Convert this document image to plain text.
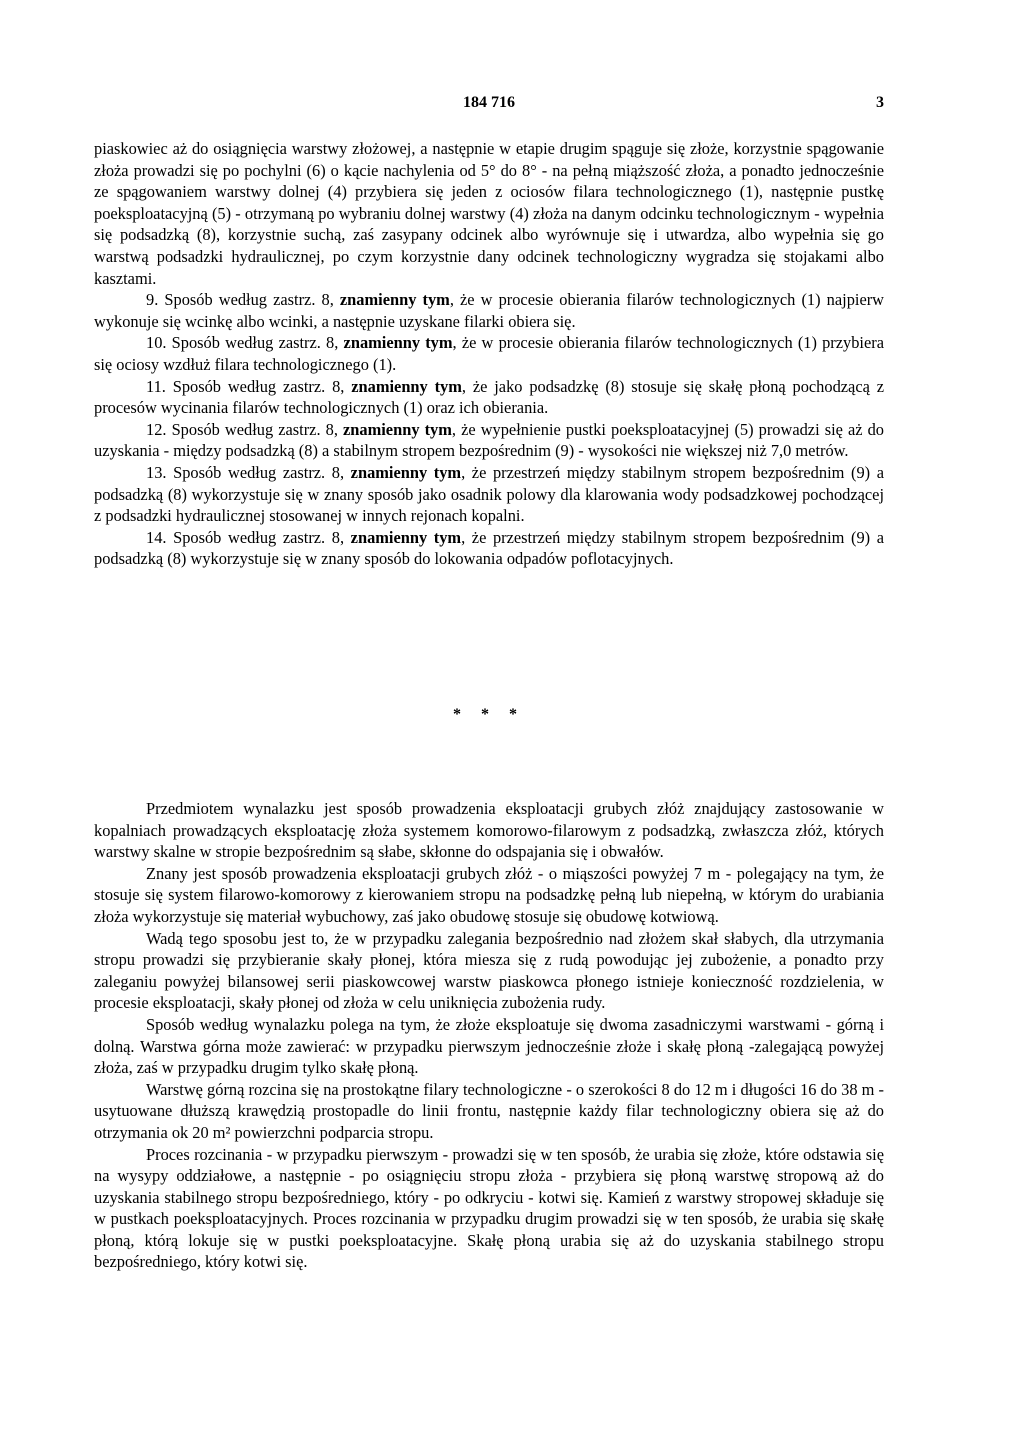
184 716	3

piaskowiec aż do osiągnięcia warstwy złożowej, a następnie w etapie drugim spąguje się złoże, korzystnie spągowanie złoża prowadzi się po pochylni (6) o kącie nachylenia od 5° do 8° - na pełną miąższość złoża, a ponadto jednocześnie ze spągowaniem warstwy dolnej (4) przybiera się jeden z ociosów filara technologicznego (1), następnie pustkę poeksploatacyjną (5) - otrzymaną po wybraniu dolnej warstwy (4) złoża na danym odcinku technologicznym - wypełnia się podsadzką (8), korzystnie suchą, zaś zasypany odcinek albo wyrównuje się i utwardza, albo wypełnia się go warstwą podsadzki hydraulicznej, po czym korzystnie dany odcinek technologiczny wygradza się stojakami albo kasztami.

9. Sposób według zastrz. 8, znamienny tym, że w procesie obierania filarów technologicznych (1) najpierw wykonuje się wcinkę albo wcinki, a następnie uzyskane filarki obiera się.

10. Sposób według zastrz. 8, znamienny tym, że w procesie obierania filarów technologicznych (1) przybiera się ociosy wzdłuż filara technologicznego (1).

11. Sposób według zastrz. 8, znamienny tym, że jako podsadzkę (8) stosuje się skałę płoną pochodzącą z procesów wycinania filarów technologicznych (1) oraz ich obierania.

12. Sposób według zastrz. 8, znamienny tym, że wypełnienie pustki poeksploatacyjnej (5) prowadzi się aż do uzyskania - między podsadzką (8) a stabilnym stropem bezpośrednim (9) - wysokości nie większej niż 7,0 metrów.

13. Sposób według zastrz. 8, znamienny tym, że przestrzeń między stabilnym stropem bezpośrednim (9) a podsadzką (8) wykorzystuje się w znany sposób jako osadnik polowy dla klarowania wody podsadzkowej pochodzącej z podsadzki hydraulicznej stosowanej w innych rejonach kopalni.

14. Sposób według zastrz. 8, znamienny tym, że przestrzeń między stabilnym stropem bezpośrednim (9) a podsadzką (8) wykorzystuje się w znany sposób do lokowania odpadów poflotacyjnych.

* * *

Przedmiotem wynalazku jest sposób prowadzenia eksploatacji grubych złóż znajdujący zastosowanie w kopalniach prowadzących eksploatację złoża systemem komorowo-filarowym z podsadzką, zwłaszcza złóż, których warstwy skalne w stropie bezpośrednim są słabe, skłonne do odspajania się i obwałów.

Znany jest sposób prowadzenia eksploatacji grubych złóż - o miąszości powyżej 7 m - polegający na tym, że stosuje się system filarowo-komorowy z kierowaniem stropu na podsadzkę pełną lub niepełną, w którym do urabiania złoża wykorzystuje się materiał wybuchowy, zaś jako obudowę stosuje się obudowę kotwiową.

Wadą tego sposobu jest to, że w przypadku zalegania bezpośrednio nad złożem skał słabych, dla utrzymania stropu prowadzi się przybieranie skały płonej, która miesza się z rudą powodując jej zubożenie, a ponadto przy zaleganiu powyżej bilansowej serii piaskowcowej warstw piaskowca płonego istnieje konieczność rozdzielenia, w procesie eksploatacji, skały płonej od złoża w celu uniknięcia zubożenia rudy.

Sposób według wynalazku polega na tym, że złoże eksploatuje się dwoma zasadniczymi warstwami - górną i dolną. Warstwa górna może zawierać: w przypadku pierwszym jednocześnie złoże i skałę płoną -zalegającą powyżej złoża, zaś w przypadku drugim tylko skałę płoną.

Warstwę górną rozcina się na prostokątne filary technologiczne - o szerokości 8 do 12 m i długości 16 do 38 m - usytuowane dłuższą krawędzią prostopadle do linii frontu, następnie każdy filar technologiczny obiera się aż do otrzymania ok 20 m² powierzchni podparcia stropu.

Proces rozcinania - w przypadku pierwszym - prowadzi się w ten sposób, że urabia się złoże, które odstawia się na wysypy oddziałowe, a następnie - po osiągnięciu stropu złoża - przybiera się płoną warstwę stropową aż do uzyskania stabilnego stropu bezpośredniego, który - po odkryciu - kotwi się. Kamień z warstwy stropowej składuje się w pustkach poeksploatacyjnych. Proces rozcinania w przypadku drugim prowadzi się w ten sposób, że urabia się skałę płoną, którą lokuje się w pustki poeksploatacyjne. Skałę płoną urabia się aż do uzyskania stabilnego stropu bezpośredniego, który kotwi się.
